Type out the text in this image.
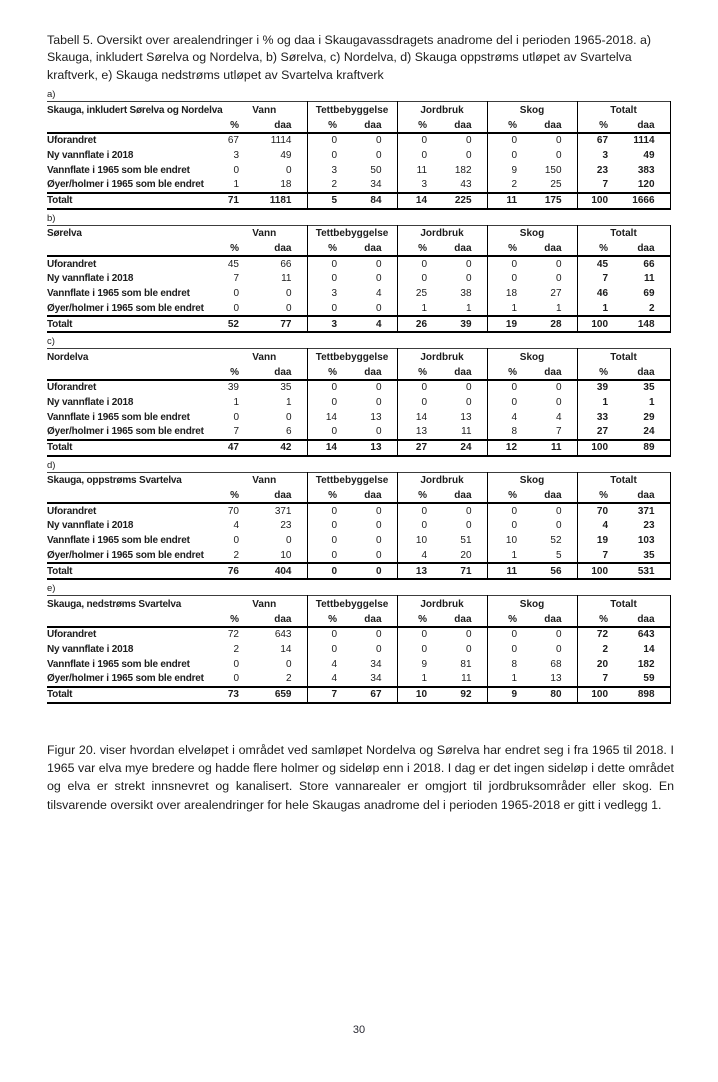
Tabell 5. Oversikt over arealendringer i % og daa i Skaugavassdragets anadrome del i perioden 1965-2018. a) Skauga, inkludert Sørelva og Nordelva, b) Sørelva, c) Nordelva, d) Skauga oppstrøms utløpet av Svartelva kraftverk, e) Skauga nedstrøms utløpet av Svartelva kraftverk

a)
Skauga, inkludert Sørelva og Nordelva	Vann		Tettbebyggelse		Jordbruk		Skog		Totalt	
	%	daa	%	daa	%	daa	%	daa	%	daa
Uforandret	67	1114	0	0	0	0	0	0	67	1114
Ny vannflate i 2018	3	49	0	0	0	0	0	0	3	49
Vannflate i 1965 som ble endret	0	0	3	50	11	182	9	150	23	383
Øyer/holmer i 1965 som ble endret	1	18	2	34	3	43	2	25	7	120
Totalt	71	1181	5	84	14	225	11	175	100	1666
b)
Sørelva	Vann		Tettbebyggelse		Jordbruk		Skog		Totalt	
	%	daa	%	daa	%	daa	%	daa	%	daa
Uforandret	45	66	0	0	0	0	0	0	45	66
Ny vannflate i 2018	7	11	0	0	0	0	0	0	7	11
Vannflate i 1965 som ble endret	0	0	3	4	25	38	18	27	46	69
Øyer/holmer i 1965 som ble endret	0	0	0	0	1	1	1	1	1	2
Totalt	52	77	3	4	26	39	19	28	100	148
c)
Nordelva	Vann		Tettbebyggelse		Jordbruk		Skog		Totalt	
	%	daa	%	daa	%	daa	%	daa	%	daa
Uforandret	39	35	0	0	0	0	0	0	39	35
Ny vannflate i 2018	1	1	0	0	0	0	0	0	1	1
Vannflate i 1965 som ble endret	0	0	14	13	14	13	4	4	33	29
Øyer/holmer i 1965 som ble endret	7	6	0	0	13	11	8	7	27	24
Totalt	47	42	14	13	27	24	12	11	100	89
d)
Skauga, oppstrøms Svartelva	Vann		Tettbebyggelse		Jordbruk		Skog		Totalt	
	%	daa	%	daa	%	daa	%	daa	%	daa
Uforandret	70	371	0	0	0	0	0	0	70	371
Ny vannflate i 2018	4	23	0	0	0	0	0	0	4	23
Vannflate i 1965 som ble endret	0	0	0	0	10	51	10	52	19	103
Øyer/holmer i 1965 som ble endret	2	10	0	0	4	20	1	5	7	35
Totalt	76	404	0	0	13	71	11	56	100	531
e)
Skauga, nedstrøms Svartelva	Vann		Tettbebyggelse		Jordbruk		Skog		Totalt	
	%	daa	%	daa	%	daa	%	daa	%	daa
Uforandret	72	643	0	0	0	0	0	0	72	643
Ny vannflate i 2018	2	14	0	0	0	0	0	0	2	14
Vannflate i 1965 som ble endret	0	0	4	34	9	81	8	68	20	182
Øyer/holmer i 1965 som ble endret	0	2	4	34	1	11	1	13	7	59
Totalt	73	659	7	67	10	92	9	80	100	898

Figur 20. viser hvordan elveløpet i området ved samløpet Nordelva og Sørelva har endret seg i fra 1965 til 2018. I 1965 var elva mye bredere og hadde flere holmer og sideløp enn i 2018. I dag er det ingen sideløp i dette området og elva er strekt innsnevret og kanalisert. Store vannarealer er omgjort til jordbruksområder eller skog. En tilsvarende oversikt over arealendringer for hele Skaugas anadrome del i perioden 1965-2018 er gitt i vedlegg 1.

30
